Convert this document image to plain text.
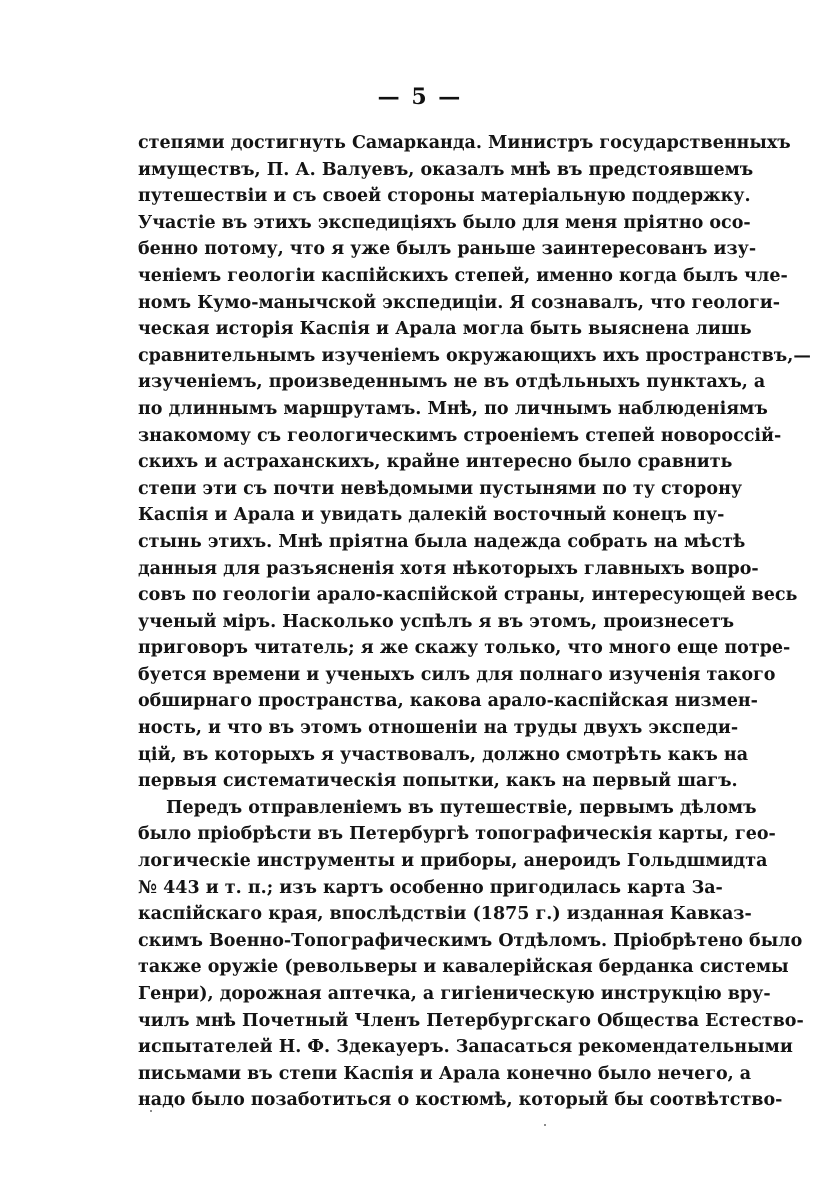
— 5 —
степями достигнуть Самарканда. Министръ государственныхъ
имуществъ, П. А. Валуевъ, оказалъ мнѣ въ предстоявшемъ
путешествіи и съ своей стороны матеріальную поддержку.
Участіе въ этихъ экспедиціяхъ было для меня пріятно осо-
бенно потому, что я уже былъ раньше заинтересованъ изу-
ченіемъ геологіи каспійскихъ степей, именно когда былъ чле-
номъ Кумо-манычской экспедиціи. Я сознавалъ, что геологи-
ческая исторія Каспія и Арала могла быть выяснена лишь
сравнительнымъ изученіемъ окружающихъ ихъ пространствъ,—
изученіемъ, произведеннымъ не въ отдѣльныхъ пунктахъ, а
по длиннымъ маршрутамъ. Мнѣ, по личнымъ наблюденіямъ
знакомому съ геологическимъ строеніемъ степей новороссій-
скихъ и астраханскихъ, крайне интересно было сравнить
степи эти съ почти невѣдомыми пустынями по ту сторону
Каспія и Арала и увидать далекій восточный конецъ пу-
стынь этихъ. Мнѣ пріятна была надежда собрать на мѣстѣ
данныя для разъясненія хотя нѣкоторыхъ главныхъ вопро-
совъ по геологіи арало-каспійской страны, интересующей весь
ученый міръ. Насколько успѣлъ я въ этомъ, произнесетъ
приговоръ читатель; я же скажу только, что много еще потре-
буется времени и ученыхъ силъ для полнаго изученія такого
обширнаго пространства, какова арало-каспійская низмен-
ность, и что въ этомъ отношеніи на труды двухъ экспеди-
цій, въ которыхъ я участвовалъ, должно смотрѣть какъ на
первыя систематическія попытки, какъ на первый шагъ.
Передъ отправленіемъ въ путешествіе, первымъ дѣломъ
было пріобрѣсти въ Петербургѣ топографическія карты, гео-
логическіе инструменты и приборы, анероидъ Гольдшмидта
№ 443 и т. п.; изъ картъ особенно пригодилась карта За-
каспійскаго края, впослѣдствіи (1875 г.) изданная Кавказ-
скимъ Военно-Топографическимъ Отдѣломъ. Пріобрѣтено было
также оружіе (револьверы и кавалерійская берданка системы
Генри), дорожная аптечка, а гигіеническую инструкцію вру-
чилъ мнѣ Почетный Членъ Петербургскаго Общества Естество-
испытателей Н. Ф. Здекауеръ. Запасаться рекомендательными
письмами въ степи Каспія и Арала конечно было нечего, а
надо было позаботиться о костюмѣ, который бы соотвѣтство-
